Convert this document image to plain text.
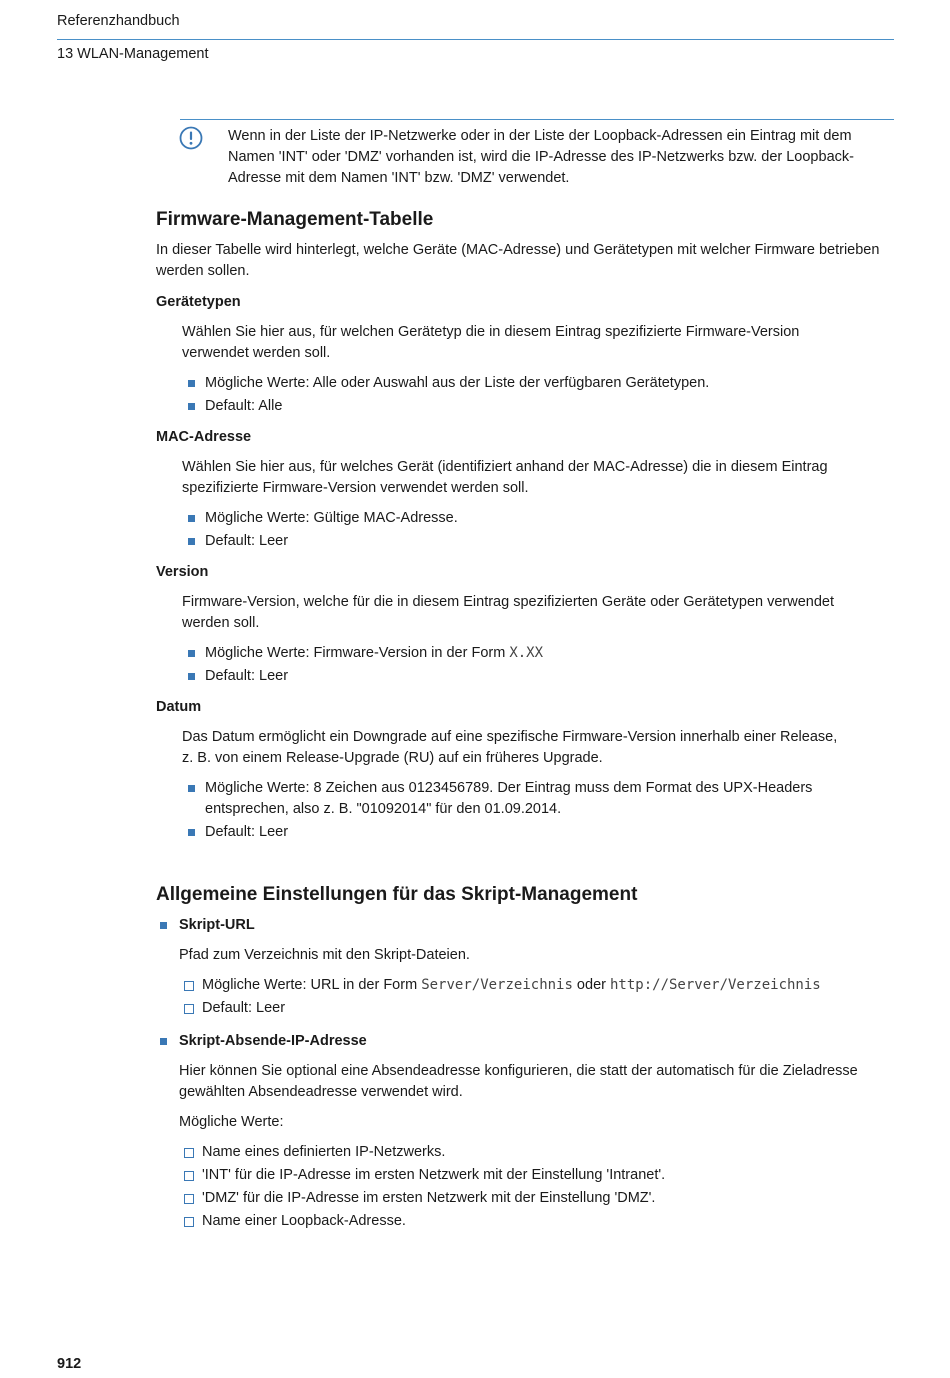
Referenzhandbuch
13 WLAN-Management
Wenn in der Liste der IP-Netzwerke oder in der Liste der Loopback-Adressen ein Eintrag mit dem Namen 'INT' oder 'DMZ' vorhanden ist, wird die IP-Adresse des IP-Netzwerks bzw. der Loopback-Adresse mit dem Namen 'INT' bzw. 'DMZ' verwendet.
Firmware-Management-Tabelle

In dieser Tabelle wird hinterlegt, welche Geräte (MAC-Adresse) und Gerätetypen mit welcher Firmware betrieben werden sollen.

Gerätetypen

Wählen Sie hier aus, für welchen Gerätetyp die in diesem Eintrag spezifizierte Firmware-Version verwendet werden soll.

Mögliche Werte: Alle oder Auswahl aus der Liste der verfügbaren Gerätetypen.
Default: Alle
MAC-Adresse

Wählen Sie hier aus, für welches Gerät (identifiziert anhand der MAC-Adresse) die in diesem Eintrag spezifizierte Firmware-Version verwendet werden soll.

Mögliche Werte: Gültige MAC-Adresse.
Default: Leer
Version

Firmware-Version, welche für die in diesem Eintrag spezifizierten Geräte oder Gerätetypen verwendet werden soll.

Mögliche Werte: Firmware-Version in der Form X.XX
Default: Leer
Datum

Das Datum ermöglicht ein Downgrade auf eine spezifische Firmware-Version innerhalb einer Release, z. B. von einem Release-Upgrade (RU) auf ein früheres Upgrade.

Mögliche Werte: 8 Zeichen aus 0123456789. Der Eintrag muss dem Format des UPX-Headers entsprechen, also z. B. "01092014" für den 01.09.2014.
Default: Leer
Allgemeine Einstellungen für das Skript-Management
Skript-URL

Pfad zum Verzeichnis mit den Skript-Dateien.

Mögliche Werte: URL in der Form Server/Verzeichnis oder http://Server/Verzeichnis
Default: Leer
Skript-Absende-IP-Adresse

Hier können Sie optional eine Absendeadresse konfigurieren, die statt der automatisch für die Zieladresse gewählten Absendeadresse verwendet wird.

Mögliche Werte:

Name eines definierten IP-Netzwerks.
'INT' für die IP-Adresse im ersten Netzwerk mit der Einstellung 'Intranet'.
'DMZ' für die IP-Adresse im ersten Netzwerk mit der Einstellung 'DMZ'.
Name einer Loopback-Adresse.
912
